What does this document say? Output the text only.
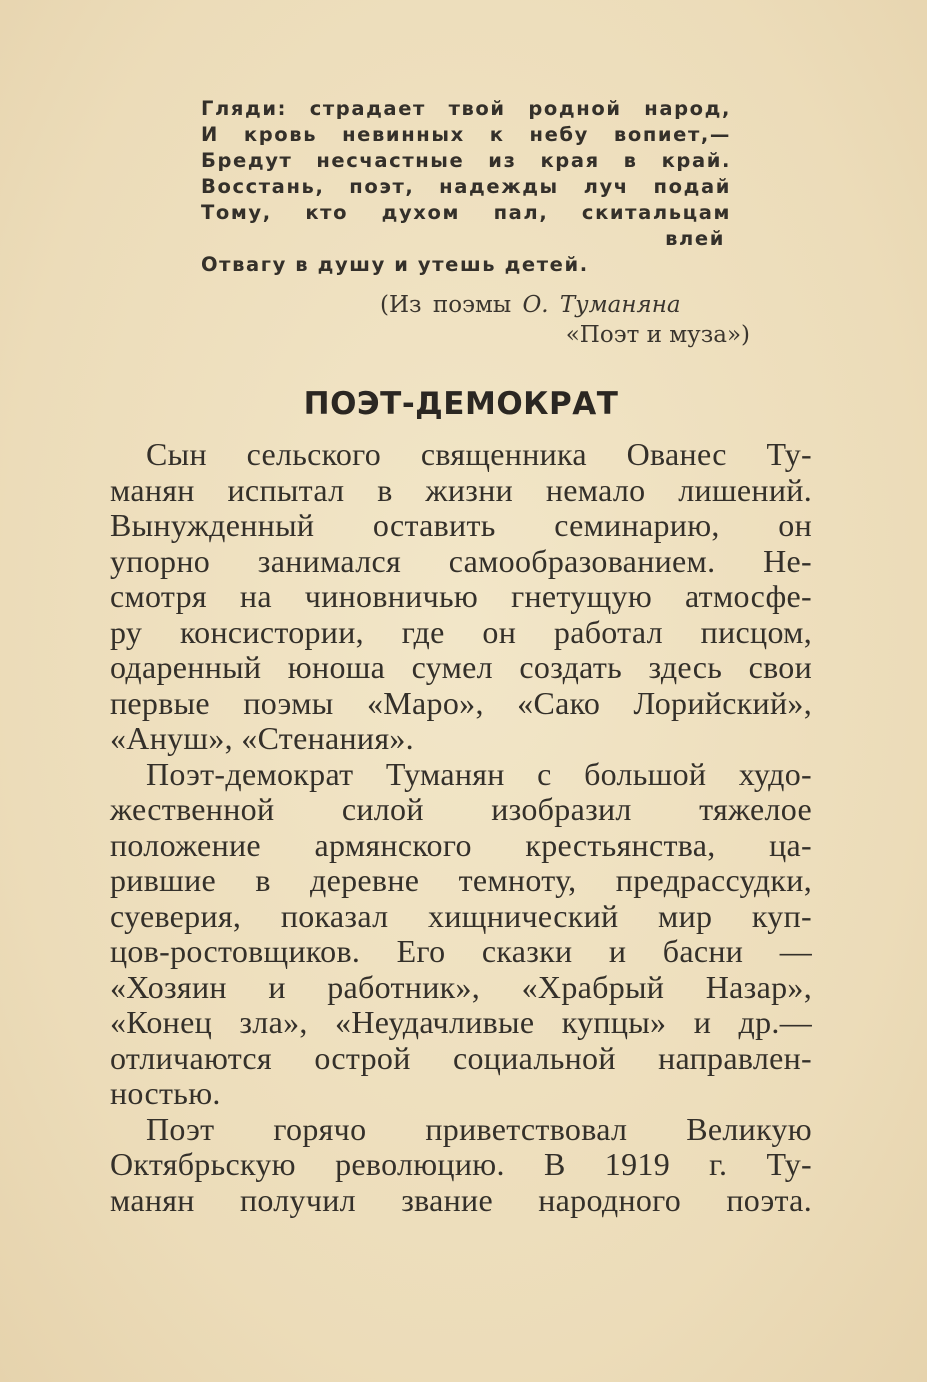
Гляди: страдает твой родной народ,
И кровь невинных к небу вопиет,—
Бредут несчастные из края в край.
Восстань, поэт, надежды луч подай
Тому, кто духом пал, скитальцам
влей
Отвагу в душу и утешь детей.
(Из поэмы О. Туманяна
«Поэт и муза»)
ПОЭТ-ДЕМОКРАТ
Сын сельского священника Ованес Ту-
манян испытал в жизни немало лишений.
Вынужденный оставить семинарию, он
упорно занимался самообразованием. Не-
смотря на чиновничью гнетущую атмосфе-
ру консистории, где он работал писцом,
одаренный юноша сумел создать здесь свои
первые поэмы «Маро», «Сако Лорийский»,
«Ануш», «Стенания».
Поэт-демократ Туманян с большой худо-
жественной силой изобразил тяжелое
положение армянского крестьянства, ца-
рившие в деревне темноту, предрассудки,
суеверия, показал хищнический мир куп-
цов-ростовщиков. Его сказки и басни —
«Хозяин и работник», «Храбрый Назар»,
«Конец зла», «Неудачливые купцы» и др.—
отличаются острой социальной направлен-
ностью.
Поэт горячо приветствовал Великую
Октябрьскую революцию. В 1919 г. Ту-
манян получил звание народного поэта.
